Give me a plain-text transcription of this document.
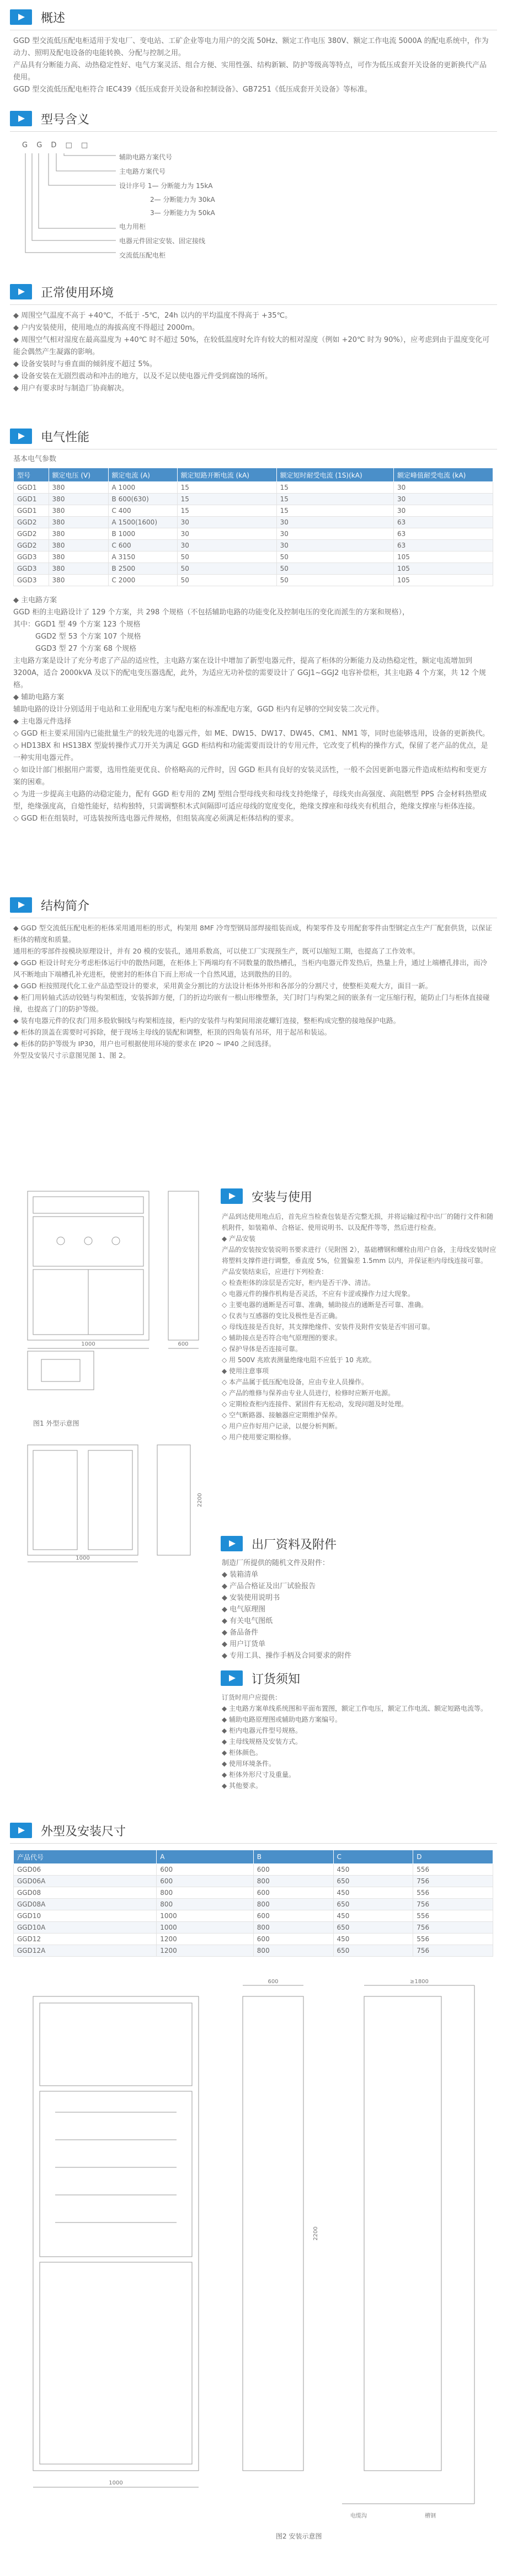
概述

GGD 型交流低压配电柜适用于发电厂、变电站、工矿企业等电力用户的交流 50Hz、额定工作电压 380V、额定工作电流 5000A 的配电系统中，作为动力、照明及配电设备的电能转换、分配与控制之用。

产品具有分断能力高、动热稳定性好、电气方案灵活、组合方便、实用性强、结构新颖、防护等级高等特点，可作为低压成套开关设备的更新换代产品使用。

GGD 型交流低压配电柜符合 IEC439《低压成套开关设备和控制设备》、GB7251《低压成套开关设备》等标准。

型号含义
G G D □ □
辅助电路方案代号
主电路方案代号
设计序号 1— 分断能力为 15kA
2— 分断能力为 30kA
3— 分断能力为 50kA
电力用柜
电器元件固定安装、固定接线
交流低压配电柜
正常使用环境

◆ 周围空气温度不高于 +40℃，不低于 -5℃，24h 以内的平均温度不得高于 +35℃。

◆ 户内安装使用，使用地点的海拔高度不得超过 2000m。

◆ 周围空气相对湿度在最高温度为 +40℃ 时不超过 50%，在较低温度时允许有较大的相对湿度（例如 +20℃ 时为 90%），应考虑到由于温度变化可能会偶然产生凝露的影响。

◆ 设备安装时与垂直面的倾斜度不超过 5%。

◆ 设备安装在无剧烈震动和冲击的地方，以及不足以使电器元件受到腐蚀的场所。

◆ 用户有要求时与制造厂协商解决。

电气性能
基本电气参数
型号	额定电压 (V)	额定电流 (A)	额定短路开断电流 (kA)	额定短时耐受电流 (1S)(kA)	额定峰值耐受电流 (kA)
GGD1	380	A 1000	15	15	30
GGD1	380	B 600(630)	15	15	30
GGD1	380	C 400	15	15	30
GGD2	380	A 1500(1600)	30	30	63
GGD2	380	B 1000	30	30	63
GGD2	380	C 600	30	30	63
GGD3	380	A 3150	50	50	105
GGD3	380	B 2500	50	50	105
GGD3	380	C 2000	50	50	105

◆ 主电路方案

GGD 柜的主电路设计了 129 个方案，共 298 个规格（不包括辅助电路的功能变化及控制电压的变化而派生的方案和规格），

其中：GGD1 型 49 个方案 123 个规格

GGD2 型 53 个方案 107 个规格

GGD3 型 27 个方案 68 个规格

主电路方案是设计了充分考虑了产品的适应性，主电路方案在设计中增加了新型电器元件，提高了柜体的分断能力及动热稳定性，额定电流增加到 3200A，适合 2000kVA 及以下的配电变压器选配，此外，为适应无功补偿的需要设计了 GGJ1~GGJ2 电容补偿柜，其主电路 4 个方案，共 12 个规格。

◆ 辅助电路方案

辅助电路的设计分别适用于电站和工业用配电方案与配电柜的标准配电方案，GGD 柜内有足够的空间安装二次元件。

◆ 主电器元件选择

◇ GGD 柜主要采用国内已能批量生产的较先进的电器元件，如 ME、DW15、DW17、DW45、CM1、NM1 等，同时也能够选用，设备的更新换代。

◇ HD13BX 和 HS13BX 型旋转操作式刀开关为满足 GGD 柜结构和功能需要而设计的专用元件，它改变了机构的操作方式，保留了老产品的优点，是一种实用电器元件。

◇ 如设计部门根据用户需要，选用性能更优良、价格略高的元件时，因 GGD 柜具有良好的安装灵活性，一般不会因更新电器元件造成柜结构和变更方案的困难。

◇ 为进一步提高主电路的动稳定能力，配有 GGD 柜专用的 ZMJ 型组合型母线夹和母线支持绝缘子，母线夹由高强度、高阻燃型 PPS 合金材料热塑成型，绝缘强度高，自熄性能好，结构独特，只需调整积木式间隔即可适应母线的宽度变化，绝缘支撑座和母线夹有机组合，绝缘支撑座与柜体连接。

◇ GGD 柜在组装时，可选装按所选电器元件规格，但组装高度必须满足柜体结构的要求。

结构简介

◆ GGD 型交流低压配电柜的柜体采用通用柜的形式，构架用 8MF 冷弯型钢局部焊接组装而成，构架零件及专用配套零件由型钢定点生产厂配套供货，以保证柜体的精度和质量。

通用柜的零部件按模块原理设计，并有 20 模的安装孔，通用系数高，可以使工厂实现预生产，既可以缩短工期，也提高了工作效率。

◆ GGD 柜设计时充分考虑柜体运行中的散热问题，在柜体上下两端均有不同数量的散热槽孔，当柜内电器元件发热后，热量上升，通过上端槽孔排出，而冷风不断地由下端槽孔补充进柜，使密封的柜体自下而上形成一个自然风道，达到散热的目的。

◆ GGD 柜按照现代化工业产品造型设计的要求，采用黄金分割比的方法设计柜体外形和各部分的分割尺寸，使整柜美观大方，面目一新。

◆ 柜门用转轴式活动铰链与构架相连，安装拆卸方便，门的折边均嵌有一根山形橡塑条，关门时门与构架之间的嵌条有一定压缩行程，能防止门与柜体直接碰撞，也提高了门的防护等级。

◆ 装有电器元件的仪表门用多股软铜线与构架相连接，柜内的安装件与构架间用滚花螺钉连接，整柜构成完整的接地保护电路。

◆ 柜体的顶盖在需要时可拆除，便于现场主母线的装配和调整，柜顶的四角装有吊环，用于起吊和装运。

◆ 柜体的防护等级为 IP30，用户也可根据使用环境的要求在 IP20 ~ IP40 之间选择。

外型及安装尺寸示意图见图 1、图 2。

1000	600
图1 外型示意图
1000
2200
安装与使用

产品到达使用地点后，首先应当检查包装是否完整无损，并将运输过程中出厂的随行文件和随机附件，如装箱单、合格证、使用说明书、以及配件等等，然后进行检查。

◆ 产品安装

产品的安装按安装说明书要求进行（见附图 2），基础槽钢和螺栓由用户自备，主母线安装时应将塑料支撑件进行调整，垂直度 5%，位置偏差 1.5mm 以内，并保证柜内母线连接可靠。

产品安装结束后，应进行下列检查：

◇ 检查柜体的涂层是否完好，柜内是否干净、清洁。

◇ 电器元件的操作机构是否灵活，不应有卡涩或操作力过大现象。

◇ 主要电器的通断是否可靠、准确，辅助接点的通断是否可靠、准确。

◇ 仪表与互感器的变比及极性是否正确。

◇ 母线连接是否良好，其支撑绝缘件、安装件及附件安装是否牢固可靠。

◇ 辅助接点是否符合电气原理图的要求。

◇ 保护导体是否连接可靠。

◇ 用 500V 兆欧表测量绝缘电阻不应低于 10 兆欧。

◆ 使用注意事项

◇ 本产品属于低压配电设备，应由专业人员操作。

◇ 产品的维修与保养由专业人员进行，检修时应断开电源。

◇ 定期检查柜内连接件、紧固件有无松动，发现问题及时处理。

◇ 空气断路器、接触器应定期维护保养。

◇ 用户应作好用户记录，以便分析判断。

◇ 用户使用要定期检修。

出厂资料及附件

制造厂所提供的随机文件及附件：

◆ 装箱清单

◆ 产品合格证及出厂试验报告

◆ 安装使用说明书

◆ 电气原理图

◆ 有关电气图纸

◆ 备品备件

◆ 用户订货单

◆ 专用工具、操作手柄及合同要求的附件

订货须知

订货时用户应提供：

◆ 主电路方案单线系统图和平面布置图，额定工作电压，额定工作电流、额定短路电流等。

◆ 辅助电路原理图或辅助电路方案编号。

◆ 柜内电器元件型号规格。

◆ 主母线规格及安装方式。

◆ 柜体颜色。

◆ 使用环境条件。

◆ 柜体外形尺寸及重量。

◆ 其他要求。

外型及安装尺寸
产品代号	A	B	C	D
GGD06	600	600	450	556
GGD06A	600	800	650	756
GGD08	800	600	450	556
GGD08A	800	800	650	756
GGD10	1000	600	450	556
GGD10A	1000	800	650	756
GGD12	1200	600	450	556
GGD12A	1200	800	650	756
1000
600
2200
≥1800
电缆沟	槽钢
图2 安装示意图
